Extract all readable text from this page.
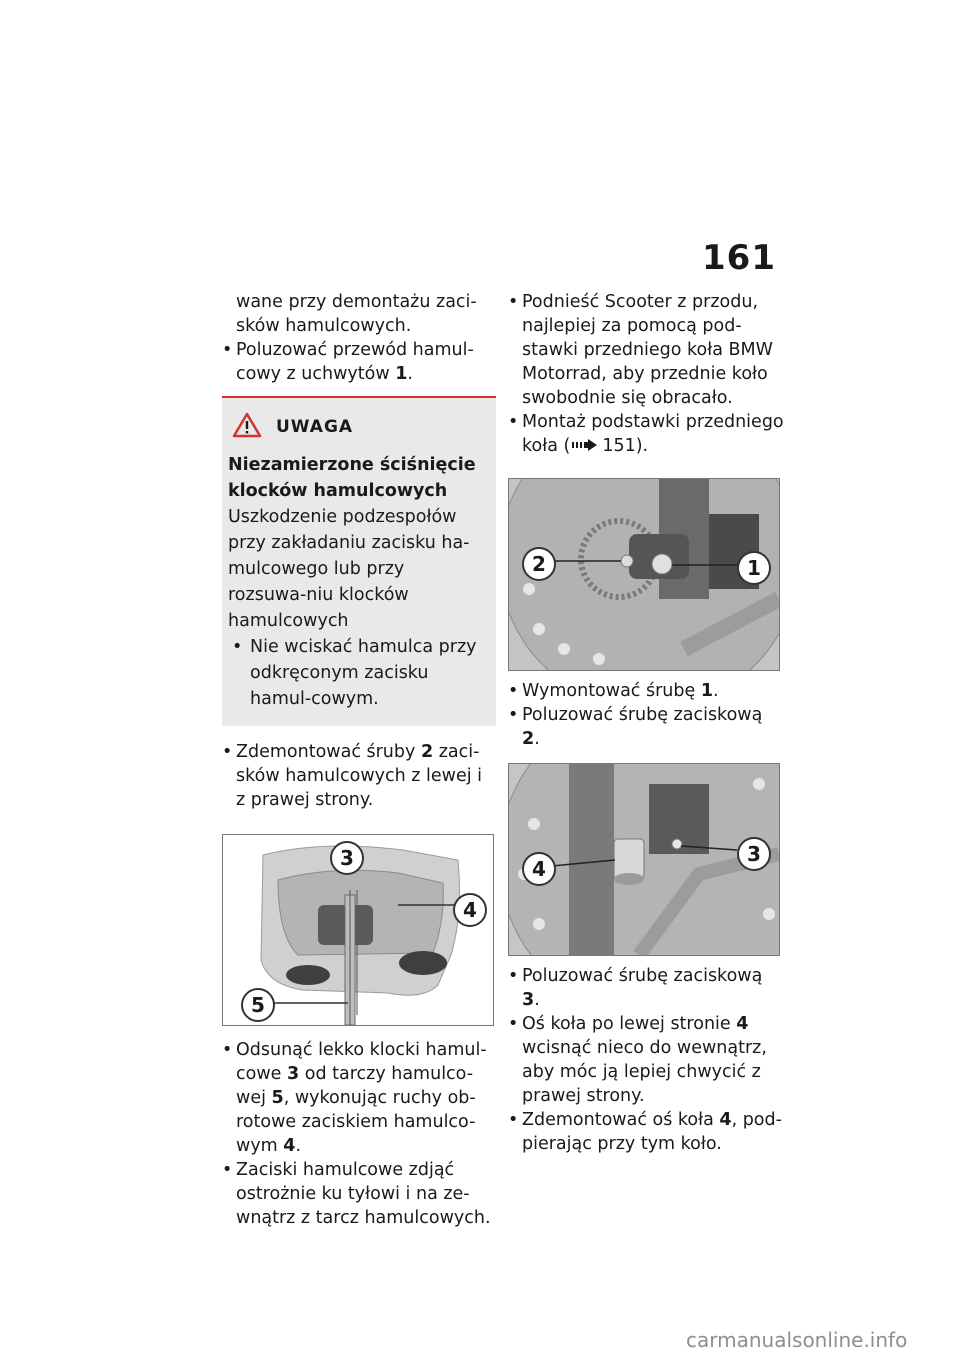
161

wane przy demontażu zaci-sków hamulcowych.

• Poluzować przewód hamul-cowy z uchwytów 1.

UWAGA

Niezamierzone ściśnięcie klocków hamulcowych

Uszkodzenie podzespołów przy zakładaniu zacisku ha-mulcowego lub przy rozsuwa-niu klocków hamulcowych

• Nie wciskać hamulca przy odkręconym zacisku hamul-cowym.

• Zdemontować śruby 2 zaci-sków hamulcowych z lewej i z prawej strony.

3
4
5

• Odsunąć lekko klocki hamul-cowe 3 od tarczy hamulco-wej 5, wykonując ruchy ob-rotowe zaciskiem hamulco-wym 4.

• Zaciski hamulcowe zdjąć ostrożnie ku tyłowi i na ze-wnątrz z tarcz hamulcowych.

• Podnieść Scooter z przodu, najlepiej za pomocą pod-stawki przedniego koła BMW Motorrad, aby przednie koło swobodnie się obracało.

• Montaż podstawki przedniego koła ( 151).

2	1

• Wymontować śrubę 1.

• Poluzować śrubę zaciskową 2.

4
3

• Poluzować śrubę zaciskową 3.

• Oś koła po lewej stronie 4 wcisnąć nieco do wewnątrz, aby móc ją lepiej chwycić z prawej strony.

• Zdemontować oś koła 4, pod-pierając przy tym koło.

carmanualsonline.info
